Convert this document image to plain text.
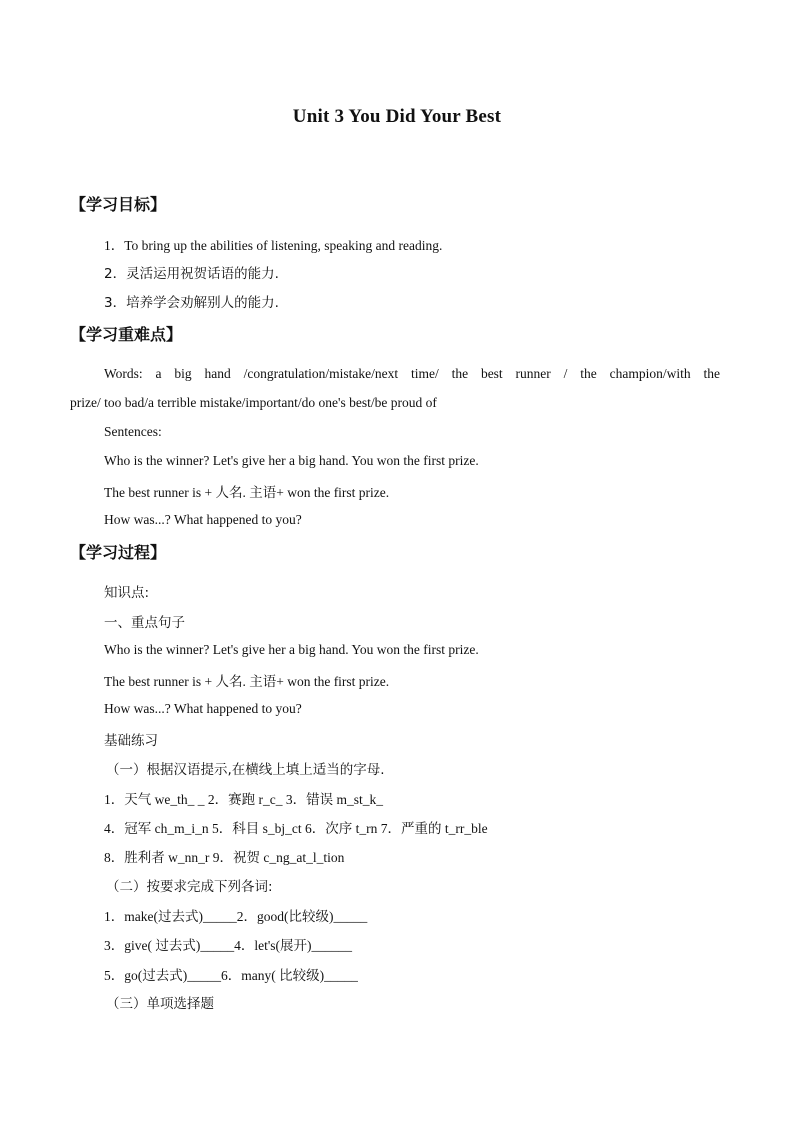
Unit 3 You Did Your Best
【学习目标】
1．To bring up the abilities of listening, speaking and reading.
2．灵活运用祝贺话语的能力.
3．培养学会劝解别人的能力.
【学习重难点】
Words: a big hand /congratulation/mistake/next time/ the best runner / the champion/with the
prize/ too bad/a terrible mistake/important/do one's best/be proud of
Sentences:
Who is the winner? Let's give her a big hand. You won the first prize.
The best runner is + 人名. 主语+ won the first prize.
How was...? What happened to you?
【学习过程】
知识点:
一、重点句子
Who is the winner? Let's give her a big hand. You won the first prize.
The best runner is + 人名. 主语+ won the first prize.
How was...? What happened to you?
基础练习
（一）根据汉语提示,在横线上填上适当的字母.
1．天气 we_th_ _ 2．赛跑 r_c_ 3．错误 m_st_k_
4．冠军 ch_m_i_n 5．科目 s_bj_ct 6．次序 t_rn 7．严重的 t_rr_ble
8．胜利者 w_nn_r 9．祝贺 c_ng_at_l_tion
（二）按要求完成下列各词:
1．make(过去式)_____2．good(比较级)_____
3．give( 过去式)_____4．let's(展开)______
5．go(过去式)_____6．many( 比较级)_____
（三）单项选择题
